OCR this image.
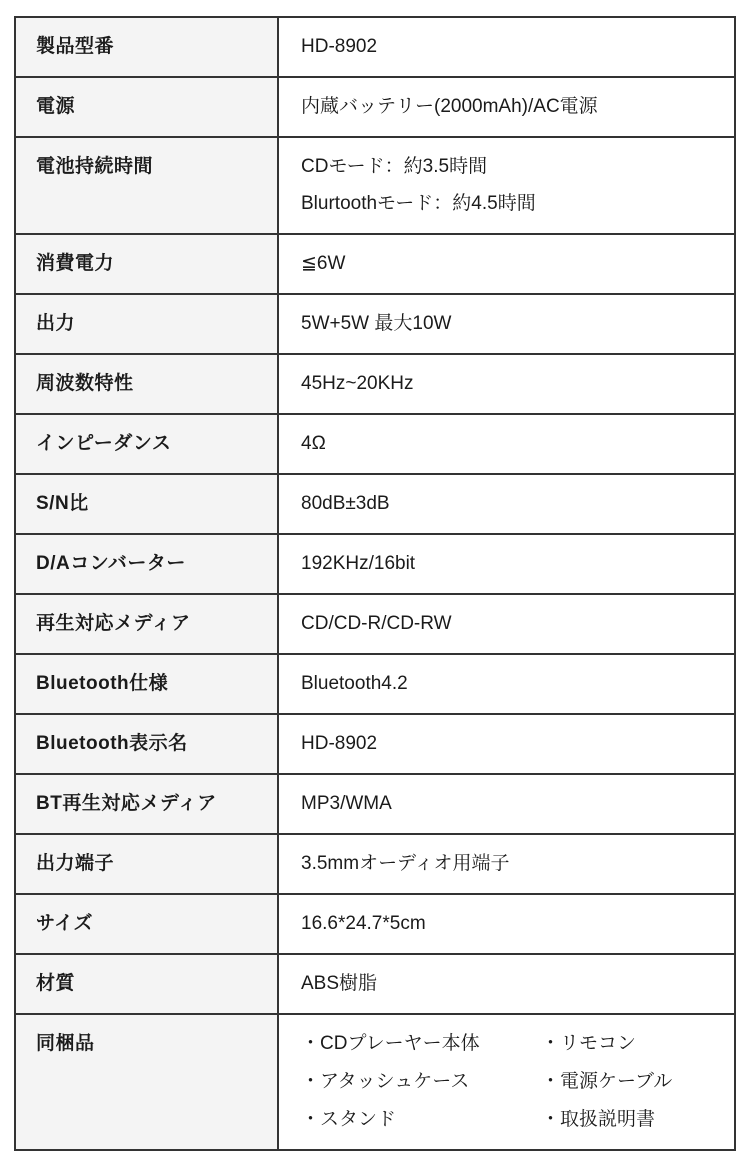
製品型番	HD-8902

電源	内蔵バッテリー(2000mAh)/AC電源

電池持続時間	CDモード：約3.5時間
Blurtoothモード：約4.5時間

消費電力	≦6W

出力	5W+5W 最大10W

周波数特性	45Hz~20KHz

インピーダンス	4Ω

S/N比	80dB±3dB

D/Aコンバーター	192KHz/16bit

再生対応メディア	CD/CD-R/CD-RW

Bluetooth仕様	Bluetooth4.2

Bluetooth表示名	HD-8902

BT再生対応メディア	MP3/WMA

出力端子	3.5mmオーディオ用端子

サイズ	16.6*24.7*5cm

材質	ABS樹脂

同梱品	・CDプレーヤー本体
・アタッシュケース
・スタンド
・リモコン
・電源ケーブル
・取扱説明書
